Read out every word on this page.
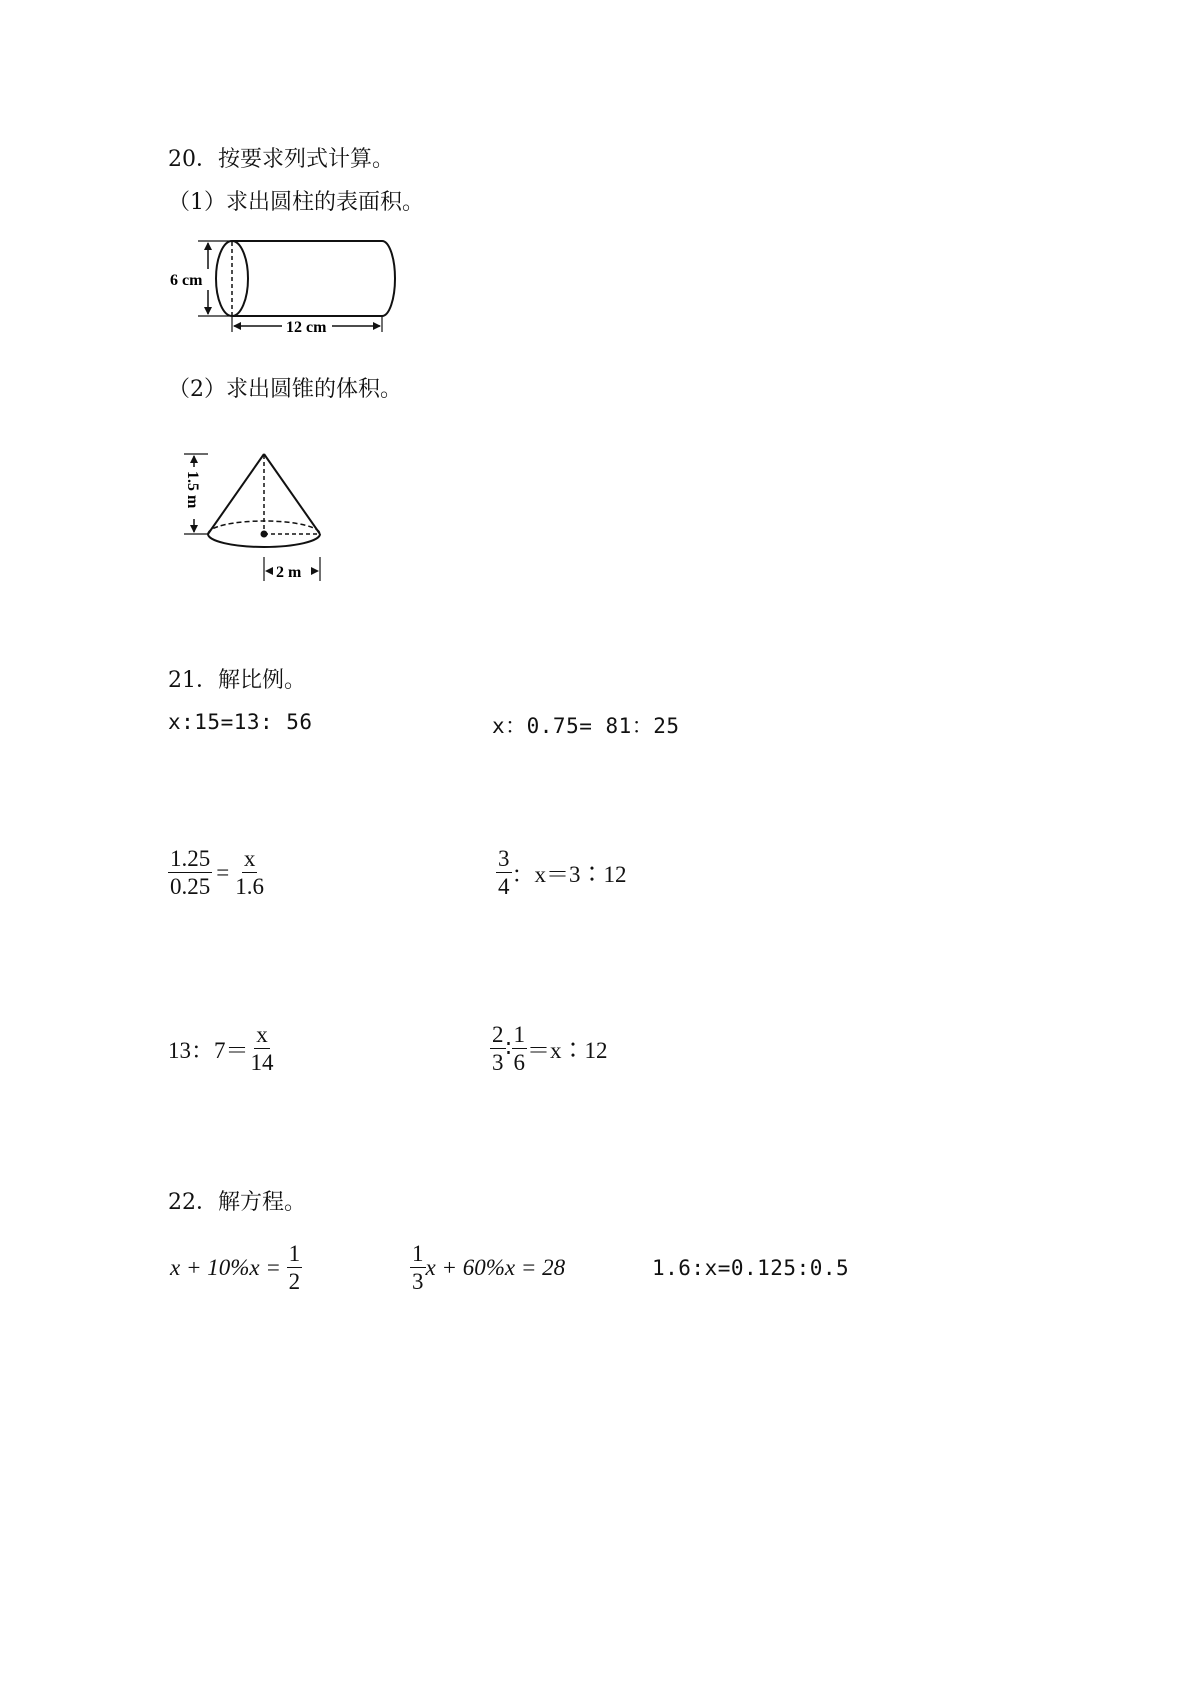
20．按要求列式计算。
（1）求出圆柱的表面积。
6 cm
12 cm
（2）求出圆锥的体积。
1.5 m
2 m
21．解比例。
x:15=13: 56	x：0.75= 81：25
$\frac{1.25}{0.25} = \frac{x}{1.6}$	$\frac{3}{4}$ ：x＝3∶12
13：$7= \frac{x}{14}$	$\frac{2}{3}$ ∶ $\frac{1}{6}$ ＝x∶12
22．解方程。
$x + 10\%x = \frac{1}{2}$	$\frac{1}{3}$ x + 60%x = 28	1.6:x=0.125:0.5
